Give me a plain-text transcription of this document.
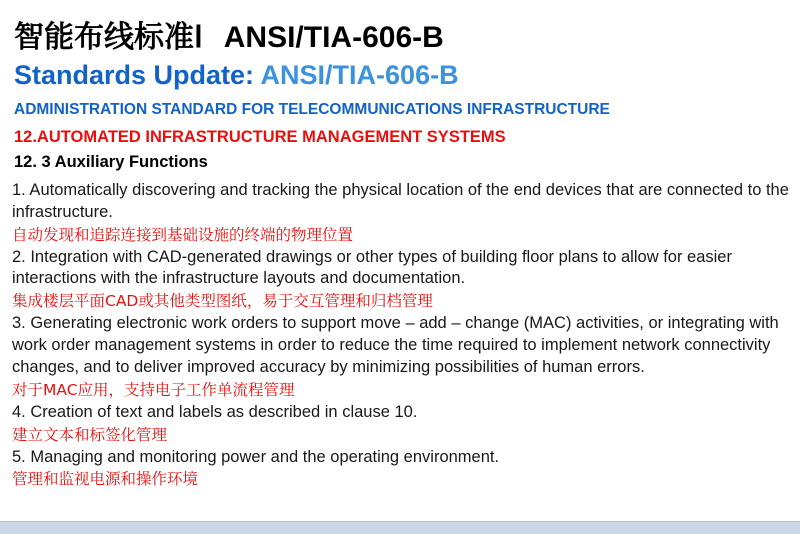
智能布线标准Ⅰ ANSI/TIA-606-B
Standards Update: ANSI/TIA-606-B
ADMINISTRATION STANDARD FOR TELECOMMUNICATIONS INFRASTRUCTURE
12.AUTOMATED INFRASTRUCTURE MANAGEMENT SYSTEMS
12. 3 Auxiliary Functions

1. Automatically discovering and tracking the physical location of the end devices that are connected to the infrastructure.

自动发现和追踪连接到基础设施的终端的物理位置

2. Integration with CAD-generated drawings or other types of building floor plans to allow for easier interactions with the infrastructure layouts and documentation.

集成楼层平面CAD或其他类型图纸，易于交互管理和归档管理

3. Generating electronic work orders to support move – add – change (MAC) activities, or integrating with work order management systems in order to reduce the time required to implement network connectivity changes, and to deliver improved accuracy by minimizing possibilities of human errors.

对于MAC应用，支持电子工作单流程管理

4. Creation of text and labels as described in clause 10.

建立文本和标签化管理

5. Managing and monitoring power and the operating environment.

管理和监视电源和操作环境
